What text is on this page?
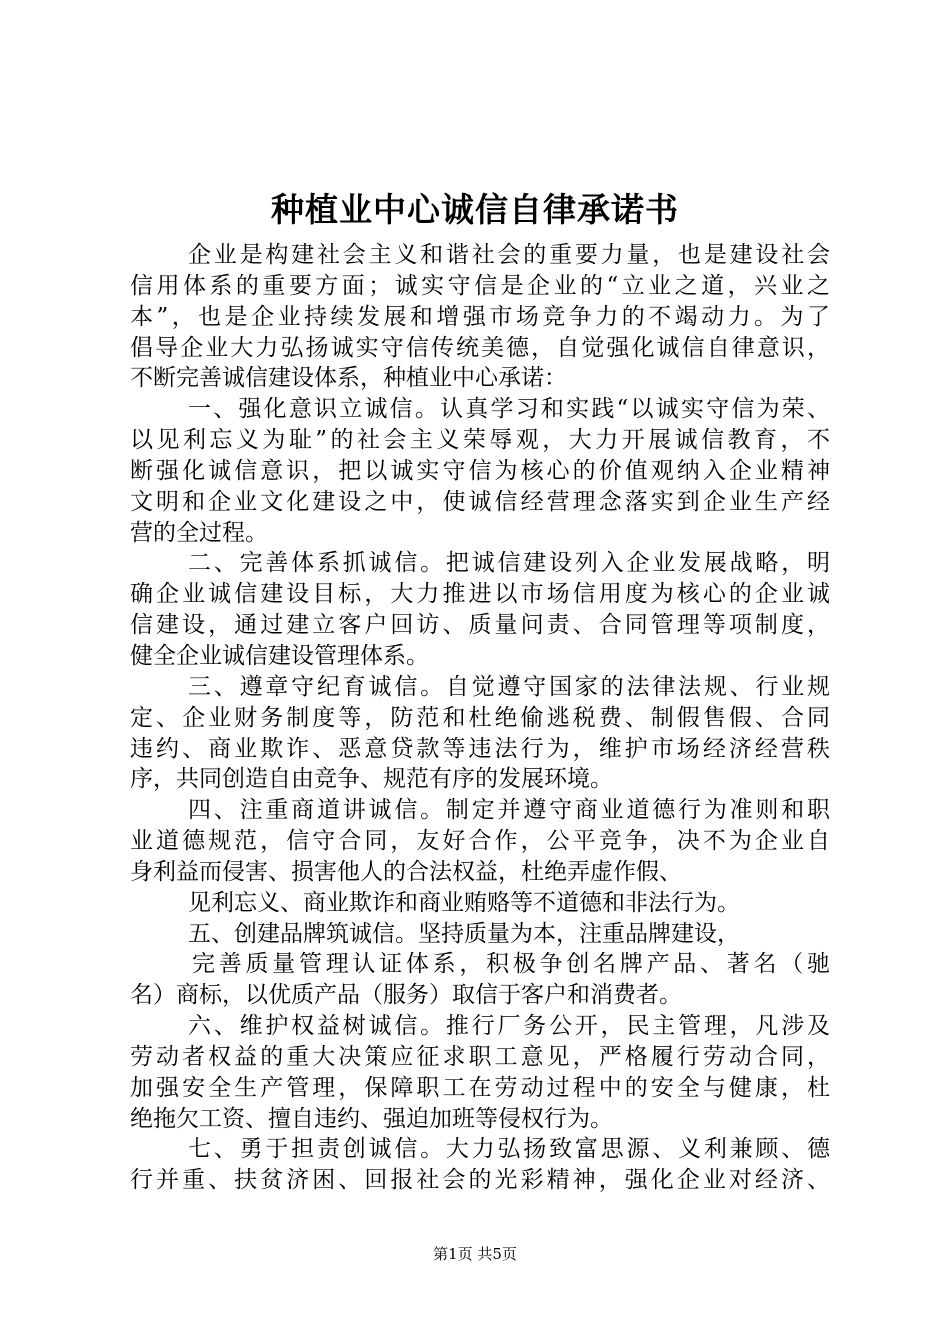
种植业中心诚信自律承诺书
企业是构建社会主义和谐社会的重要力量，也是建设社会
信用体系的重要方面；诚实守信是企业的“立业之道，兴业之
本”，也是企业持续发展和增强市场竞争力的不竭动力。为了
倡导企业大力弘扬诚实守信传统美德，自觉强化诚信自律意识，
不断完善诚信建设体系，种植业中心承诺：
一、强化意识立诚信。认真学习和实践“以诚实守信为荣、
以见利忘义为耻”的社会主义荣辱观，大力开展诚信教育，不
断强化诚信意识，把以诚实守信为核心的价值观纳入企业精神
文明和企业文化建设之中，使诚信经营理念落实到企业生产经
营的全过程。
二、完善体系抓诚信。把诚信建设列入企业发展战略，明
确企业诚信建设目标，大力推进以市场信用度为核心的企业诚
信建设，通过建立客户回访、质量问责、合同管理等项制度，
健全企业诚信建设管理体系。
三、遵章守纪育诚信。自觉遵守国家的法律法规、行业规
定、企业财务制度等，防范和杜绝偷逃税费、制假售假、合同
违约、商业欺诈、恶意贷款等违法行为，维护市场经济经营秩
序，共同创造自由竞争、规范有序的发展环境。
四、注重商道讲诚信。制定并遵守商业道德行为准则和职
业道德规范，信守合同，友好合作，公平竞争，决不为企业自
身利益而侵害、损害他人的合法权益，杜绝弄虚作假、
见利忘义、商业欺诈和商业贿赂等不道德和非法行为。
五、创建品牌筑诚信。坚持质量为本，注重品牌建设，
完善质量管理认证体系，积极争创名牌产品、著名（驰
名）商标，以优质产品（服务）取信于客户和消费者。
六、维护权益树诚信。推行厂务公开，民主管理，凡涉及
劳动者权益的重大决策应征求职工意见，严格履行劳动合同，
加强安全生产管理，保障职工在劳动过程中的安全与健康，杜
绝拖欠工资、擅自违约、强迫加班等侵权行为。
七、勇于担责创诚信。大力弘扬致富思源、义利兼顾、德
行并重、扶贫济困、回报社会的光彩精神，强化企业对经济、
第1页 共5页
